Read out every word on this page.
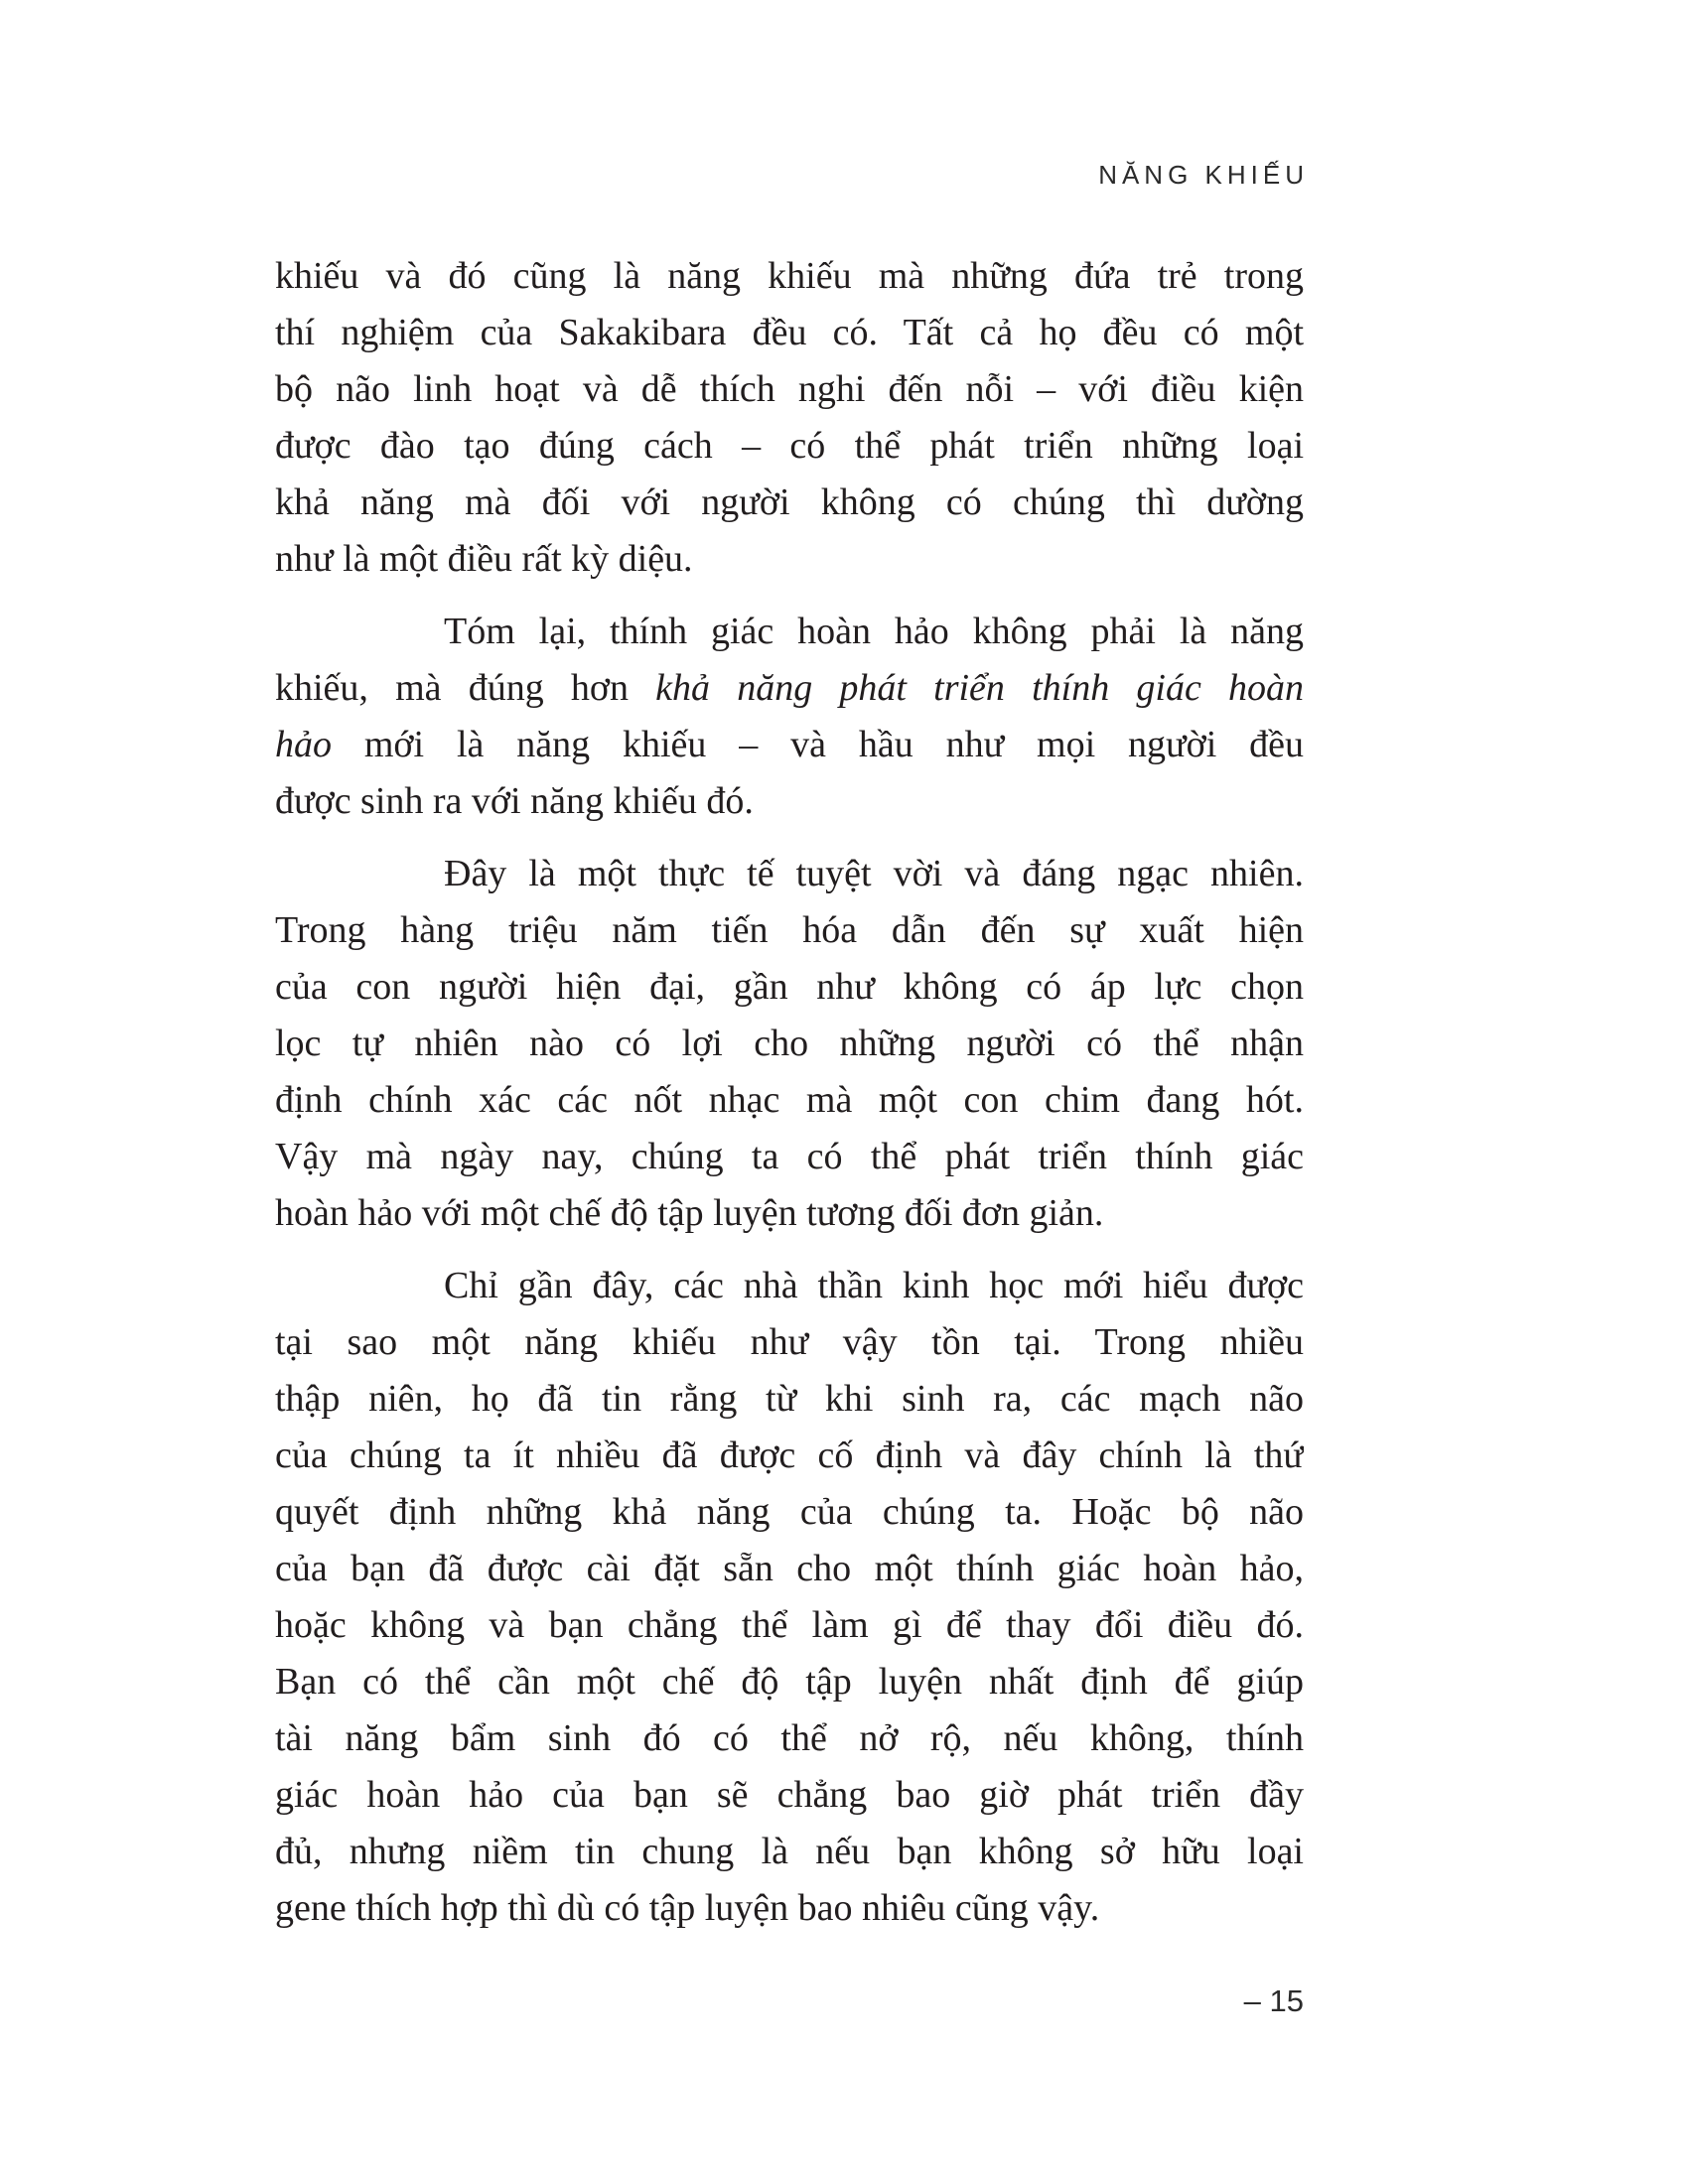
NĂNG KHIẾU

khiếu và đó cũng là năng khiếu mà những đứa trẻ trong
thí nghiệm của Sakakibara đều có. Tất cả họ đều có một
bộ não linh hoạt và dễ thích nghi đến nỗi – với điều kiện
được đào tạo đúng cách – có thể phát triển những loại
khả năng mà đối với người không có chúng thì dường
như là một điều rất kỳ diệu.

Tóm lại, thính giác hoàn hảo không phải là năng
khiếu, mà đúng hơn khả năng phát triển thính giác hoàn
hảo mới là năng khiếu – và hầu như mọi người đều
được sinh ra với năng khiếu đó.

Đây là một thực tế tuyệt vời và đáng ngạc nhiên.
Trong hàng triệu năm tiến hóa dẫn đến sự xuất hiện
của con người hiện đại, gần như không có áp lực chọn
lọc tự nhiên nào có lợi cho những người có thể nhận
định chính xác các nốt nhạc mà một con chim đang hót.
Vậy mà ngày nay, chúng ta có thể phát triển thính giác
hoàn hảo với một chế độ tập luyện tương đối đơn giản.

Chỉ gần đây, các nhà thần kinh học mới hiểu được
tại sao một năng khiếu như vậy tồn tại. Trong nhiều
thập niên, họ đã tin rằng từ khi sinh ra, các mạch não
của chúng ta ít nhiều đã được cố định và đây chính là thứ
quyết định những khả năng của chúng ta. Hoặc bộ não
của bạn đã được cài đặt sẵn cho một thính giác hoàn hảo,
hoặc không và bạn chẳng thể làm gì để thay đổi điều đó.
Bạn có thể cần một chế độ tập luyện nhất định để giúp
tài năng bẩm sinh đó có thể nở rộ, nếu không, thính
giác hoàn hảo của bạn sẽ chẳng bao giờ phát triển đầy
đủ, nhưng niềm tin chung là nếu bạn không sở hữu loại
gene thích hợp thì dù có tập luyện bao nhiêu cũng vậy.

– 15
